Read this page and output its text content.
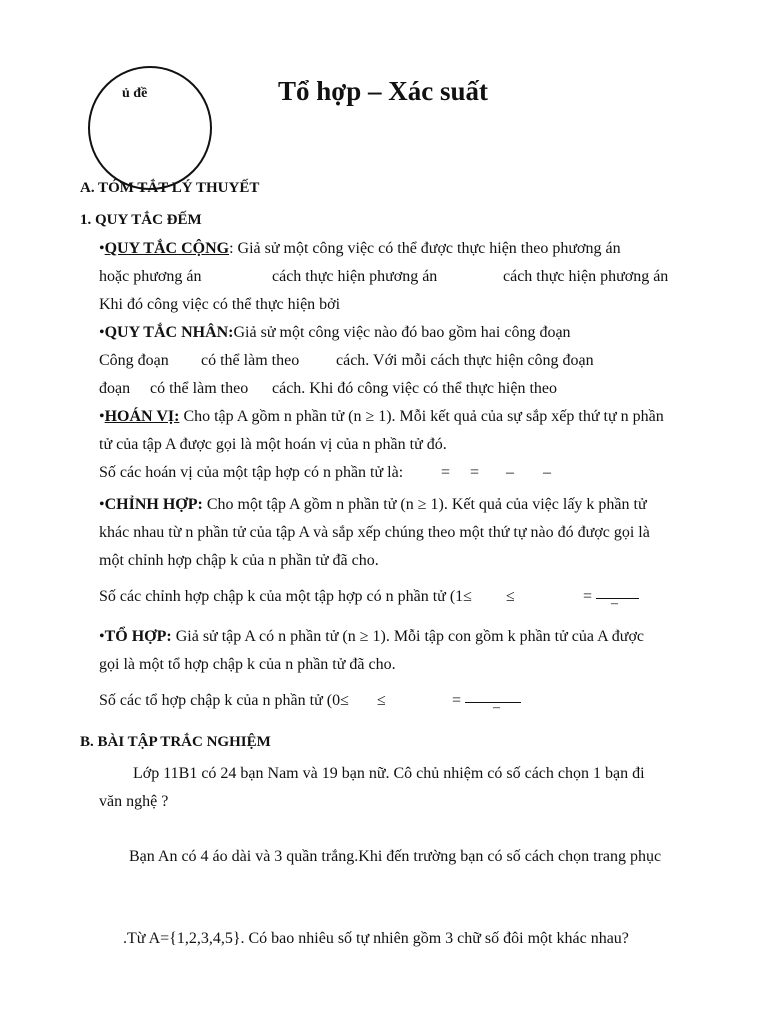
ủ đề	Tổ hợp – Xác suất
A. TÓM TẮT LÝ THUYẾT
1. QUY TẮC ĐẾM
•QUY TẮC CỘNG: Giả sử một công việc có thể được thực hiện theo phương án
hoặc phương án	cách thực hiện phương án	cách thực hiện phương án
Khi đó công việc có thể thực hiện bởi
•QUY TẮC NHÂN:Giả sử một công việc nào đó bao gồm hai công đoạn
Công đoạn có thể làm theo cách. Với mỗi cách thực hiện công đoạn
đoạn có thể làm theo cách. Khi đó công việc có thể thực hiện theo
•HOÁN VỊ: Cho tập A gồm n phần tử (n ≥ 1). Mỗi kết quả của sự sắp xếp thứ tự n phần
tử của tập A được gọi là một hoán vị của n phần tử đó.
Số các hoán vị của một tập hợp có n phần tử là: = = – –
•CHỈNH HỢP: Cho một tập A gồm n phần tử (n ≥ 1). Kết quả của việc lấy k phần tử
khác nhau từ n phần tử của tập A và sắp xếp chúng theo một thứ tự nào đó được gọi là
một chỉnh hợp chập k của n phần tử đã cho.
Số các chỉnh hợp chập k của một tập hợp có n phần tử (1≤ ≤	= –
•TỔ HỢP: Giả sử tập A có n phần tử (n ≥ 1). Mỗi tập con gồm k phần tử của A được
gọi là một tổ hợp chập k của n phần tử đã cho.
Số các tổ hợp chập k của n phần tử (0≤ ≤	= –
B. BÀI TẬP TRẮC NGHIỆM
Lớp 11B1 có 24 bạn Nam và 19 bạn nữ. Cô chủ nhiệm có số cách chọn 1 bạn đi
văn nghệ ?
Bạn An có 4 áo dài và 3 quần trắng.Khi đến trường bạn có số cách chọn trang phục
.Từ A={1,2,3,4,5}. Có bao nhiêu số tự nhiên gồm 3 chữ số đôi một khác nhau?
